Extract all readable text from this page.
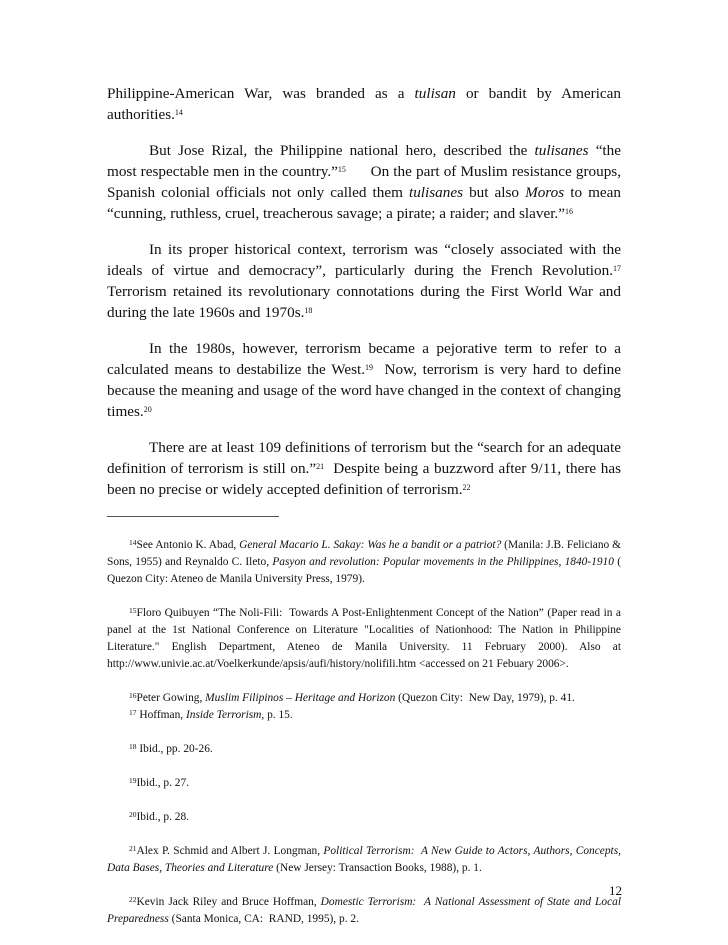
Philippine-American War, was branded as a tulisan or bandit by American authorities.$^{14}$

But Jose Rizal, the Philippine national hero, described the tulisanes “the most respectable men in the country.”$^{15}$      On the part of Muslim resistance groups, Spanish colonial officials not only called them tulisanes but also Moros to mean “cunning, ruthless, cruel, treacherous savage; a pirate; a raider; and slaver.”$^{16}$

In its proper historical context, terrorism was “closely associated with the ideals of virtue and democracy”, particularly during the French Revolution.$^{17}$ Terrorism retained its revolutionary connotations during the First World War and during the late 1960s and 1970s.$^{18}$

In the 1980s, however, terrorism became a pejorative term to refer to a calculated means to destabilize the West.$^{19}$  Now, terrorism is very hard to define because the meaning and usage of the word have changed in the context of changing times.$^{20}$

There are at least 109 definitions of terrorism but the “search for an adequate definition of terrorism is still on.”$^{21}$  Despite being a buzzword after 9/11, there has been no precise or widely accepted definition of terrorism.$^{22}$

$^{14}$See Antonio K. Abad, General Macario L. Sakay: Was he a bandit or a patriot? (Manila: J.B. Feliciano & Sons, 1955) and Reynaldo C. Ileto, Pasyon and revolution: Popular movements in the Philippines, 1840-1910 ( Quezon City: Ateneo de Manila University Press, 1979).

$^{15}$Floro Quibuyen “The Noli-Fili:  Towards A Post-Enlightenment Concept of the Nation” (Paper read in a panel at the 1st National Conference on Literature "Localities of Nationhood: The Nation in Philippine Literature." English Department, Ateneo de Manila University. 11 February 2000). Also at http://www.univie.ac.at/Voelkerkunde/apsis/aufi/history/nolifili.htm <accessed on 21 Febuary 2006>.

$^{16}$Peter Gowing, Muslim Filipinos – Heritage and Horizon (Quezon City:  New Day, 1979), p. 41.

$^{17}$ Hoffman, Inside Terrorism, p. 15.

$^{18}$ Ibid., pp. 20-26.

$^{19}$Ibid., p. 27.

$^{20}$Ibid., p. 28.

$^{21}$Alex P. Schmid and Albert J. Longman, Political Terrorism:  A New Guide to Actors, Authors, Concepts, Data Bases, Theories and Literature (New Jersey: Transaction Books, 1988), p. 1.

$^{22}$Kevin Jack Riley and Bruce Hoffman, Domestic Terrorism:  A National Assessment of State and Local Preparedness (Santa Monica, CA:  RAND, 1995), p. 2.

12
